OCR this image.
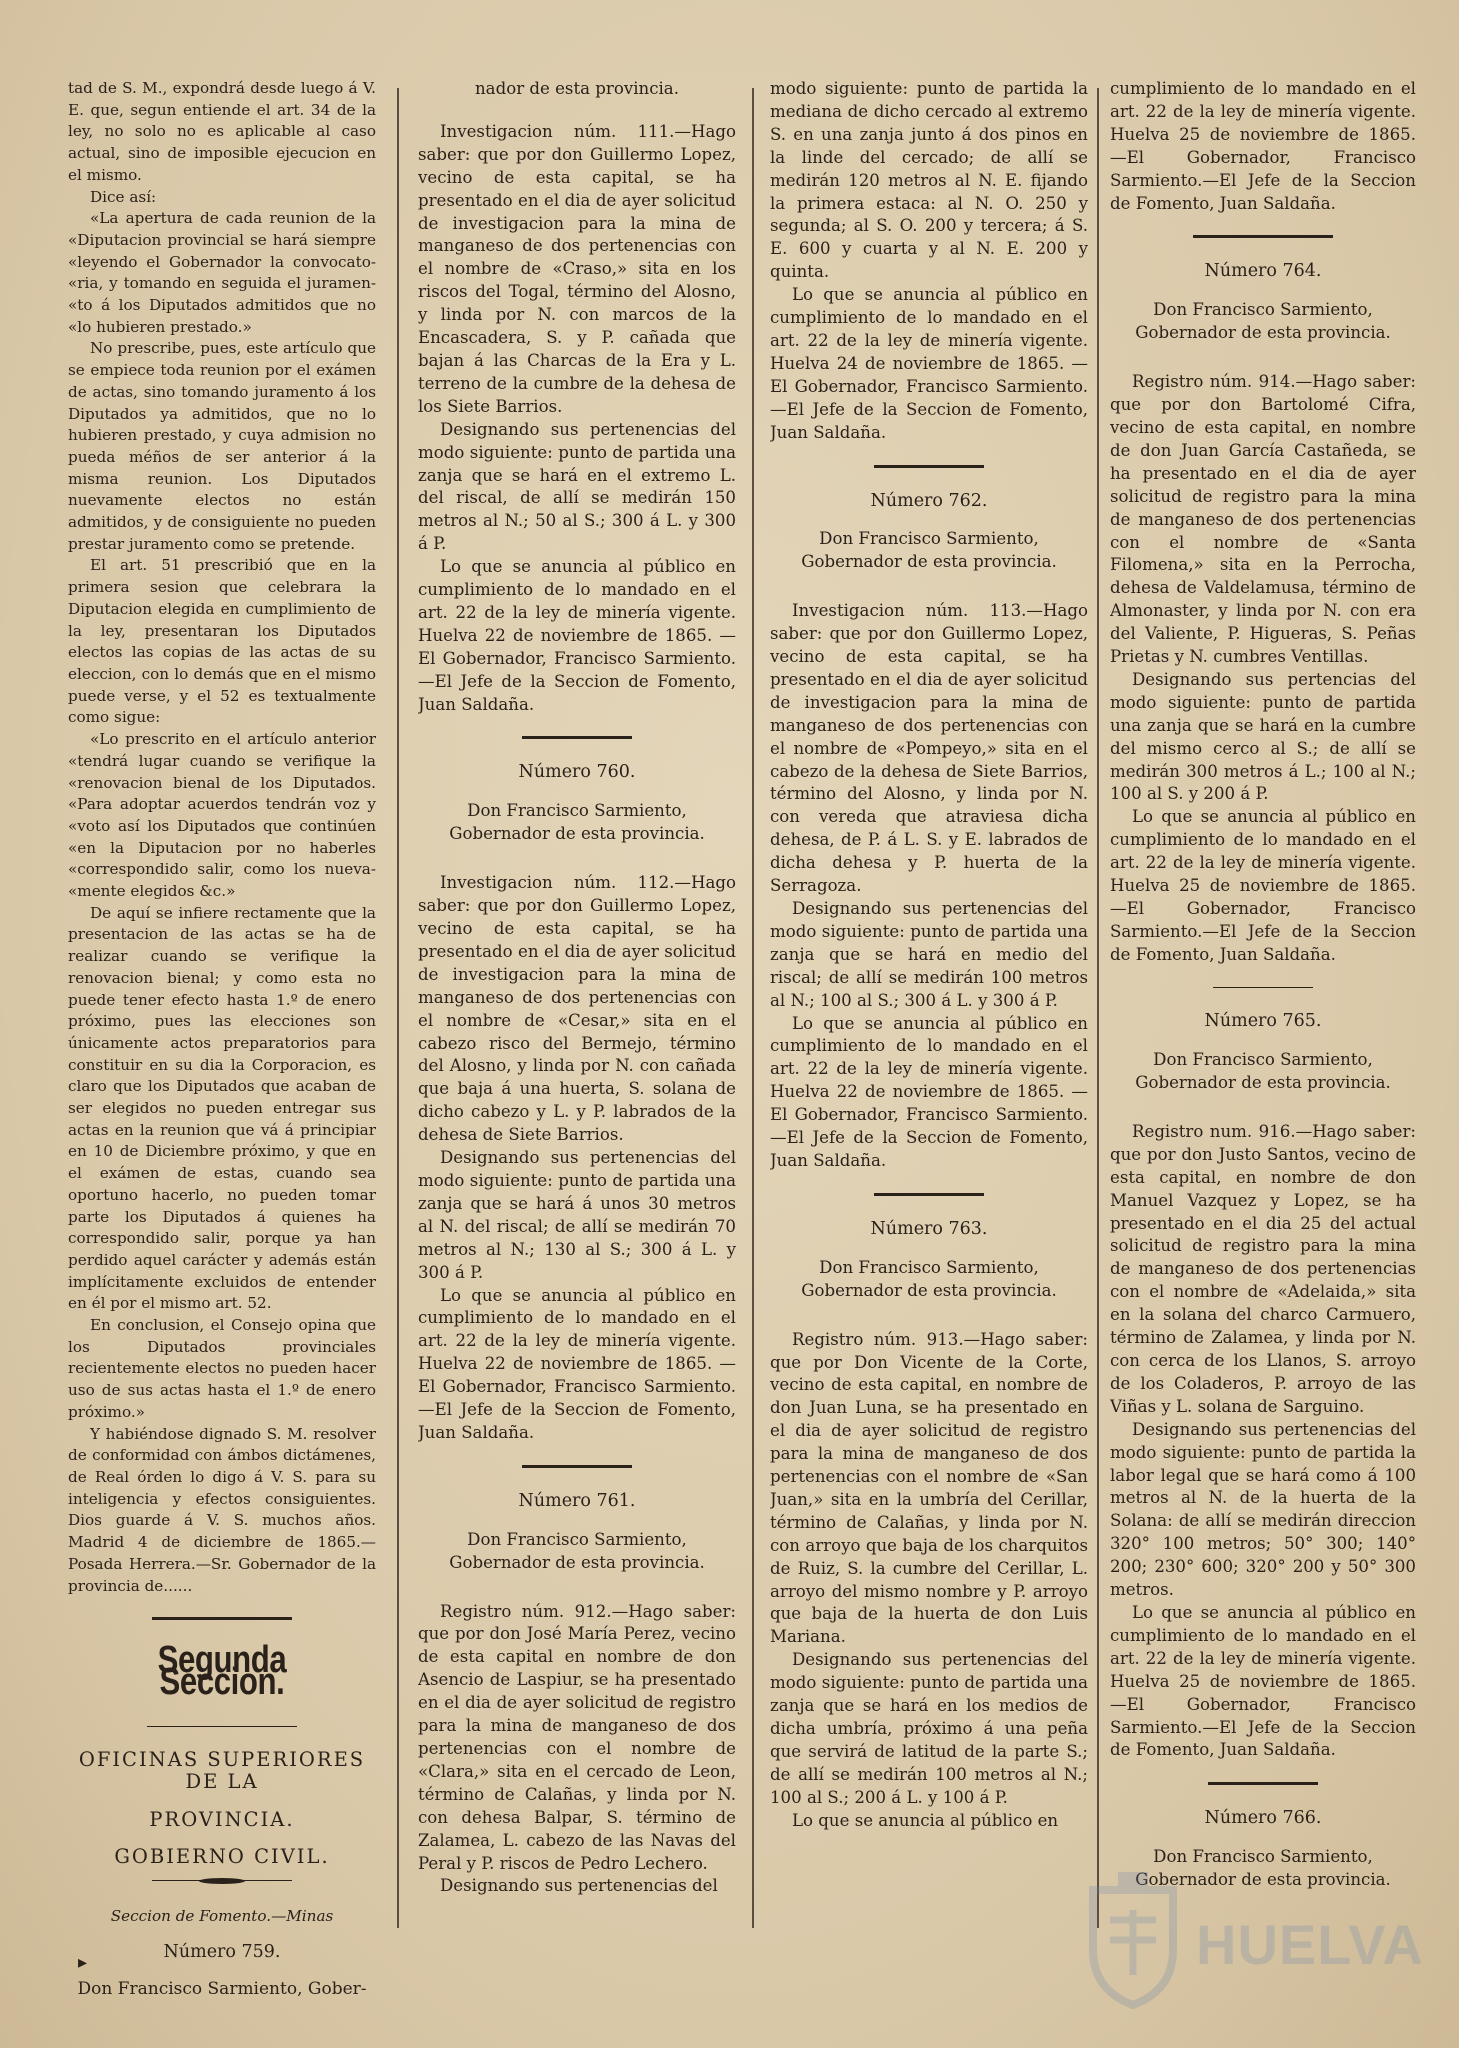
tad de S. M., expondrá desde luego á V. E. que, segun entiende el art. 34 de la ley, no solo no es aplicable al caso actual, sino de imposible ejecucion en el mismo.

Dice así:

«La apertura de cada reunion de la «Diputacion provincial se hará siempre «leyendo el Gobernador la convocato- «ria, y tomando en seguida el juramen- «to á los Diputados admitidos que no «lo hubieren prestado.»

No prescribe, pues, este artículo que se empiece toda reunion por el exámen de actas, sino tomando juramento á los Diputados ya admitidos, que no lo hubieren prestado, y cuya admision no pueda méños de ser anterior á la misma reunion. Los Diputados nuevamente electos no están admitidos, y de consiguiente no pueden prestar juramento como se pretende.

El art. 51 prescribió que en la primera sesion que celebrara la Diputacion elegida en cumplimiento de la ley, presentaran los Diputados electos las copias de las actas de su eleccion, con lo demás que en el mismo puede verse, y el 52 es textualmente como sigue:

«Lo prescrito en el artículo anterior «tendrá lugar cuando se verifique la «renovacion bienal de los Diputados. «Para adoptar acuerdos tendrán voz y «voto así los Diputados que continúen «en la Diputacion por no haberles «correspondido salir, como los nueva- «mente elegidos &c.»

De aquí se infiere rectamente que la presentacion de las actas se ha de realizar cuando se verifique la renovacion bienal; y como esta no puede tener efecto hasta 1.º de enero próximo, pues las elecciones son únicamente actos preparatorios para constituir en su dia la Corporacion, es claro que los Diputados que acaban de ser elegidos no pueden entregar sus actas en la reunion que vá á principiar en 10 de Diciembre próximo, y que en el exámen de estas, cuando sea oportuno hacerlo, no pueden tomar parte los Diputados á quienes ha correspondido salir, porque ya han perdido aquel carácter y además están implícitamente excluidos de entender en él por el mismo art. 52.

En conclusion, el Consejo opina que los Diputados provinciales recientemente electos no pueden hacer uso de sus actas hasta el 1.º de enero próximo.»

Y habiéndose dignado S. M. resolver de conformidad con ámbos dictámenes, de Real órden lo digo á V. S. para su inteligencia y efectos consiguientes. Dios guarde á V. S. muchos años. Madrid 4 de diciembre de 1865.—Posada Herrera.—Sr. Gobernador de la provincia de......

Segunda Seccion.
OFICINAS SUPERIORES DE LA
PROVINCIA.
GOBIERNO CIVIL.
Seccion de Fomento.—Minas
Número 759.
Don Francisco Sarmiento, Gober-
nador de esta provincia.

Investigacion núm. 111.—Hago saber: que por don Guillermo Lopez, vecino de esta capital, se ha presentado en el dia de ayer solicitud de investigacion para la mina de manganeso de dos pertenencias con el nombre de «Craso,» sita en los riscos del Togal, término del Alosno, y linda por N. con marcos de la Encascadera, S. y P. cañada que bajan á las Charcas de la Era y L. terreno de la cumbre de la dehesa de los Siete Barrios.

Designando sus pertenencias del modo siguiente: punto de partida una zanja que se hará en el extremo L. del riscal, de allí se medirán 150 metros al N.; 50 al S.; 300 á L. y 300 á P.

Lo que se anuncia al público en cumplimiento de lo mandado en el art. 22 de la ley de minería vigente. Huelva 22 de noviembre de 1865. —El Gobernador, Francisco Sarmiento.—El Jefe de la Seccion de Fomento, Juan Saldaña.

Número 760.
Don Francisco Sarmiento, Gobernador de esta provincia.

Investigacion núm. 112.—Hago saber: que por don Guillermo Lopez, vecino de esta capital, se ha presentado en el dia de ayer solicitud de investigacion para la mina de manganeso de dos pertenencias con el nombre de «Cesar,» sita en el cabezo risco del Bermejo, término del Alosno, y linda por N. con cañada que baja á una huerta, S. solana de dicho cabezo y L. y P. labrados de la dehesa de Siete Barrios.

Designando sus pertenencias del modo siguiente: punto de partida una zanja que se hará á unos 30 metros al N. del riscal; de allí se medirán 70 metros al N.; 130 al S.; 300 á L. y 300 á P.

Lo que se anuncia al público en cumplimiento de lo mandado en el art. 22 de la ley de minería vigente. Huelva 22 de noviembre de 1865. —El Gobernador, Francisco Sarmiento.—El Jefe de la Seccion de Fomento, Juan Saldaña.

Número 761.
Don Francisco Sarmiento, Gobernador de esta provincia.

Registro núm. 912.—Hago saber: que por don José María Perez, vecino de esta capital en nombre de don Asencio de Laspiur, se ha presentado en el dia de ayer solicitud de registro para la mina de manganeso de dos pertenencias con el nombre de «Clara,» sita en el cercado de Leon, término de Calañas, y linda por N. con dehesa Balpar, S. término de Zalamea, L. cabezo de las Navas del Peral y P. riscos de Pedro Lechero.

Designando sus pertenencias del

modo siguiente: punto de partida la mediana de dicho cercado al extremo S. en una zanja junto á dos pinos en la linde del cercado; de allí se medirán 120 metros al N. E. fijando la primera estaca: al N. O. 250 y segunda; al S. O. 200 y tercera; á S. E. 600 y cuarta y al N. E. 200 y quinta.

Lo que se anuncia al público en cumplimiento de lo mandado en el art. 22 de la ley de minería vigente. Huelva 24 de noviembre de 1865. —El Gobernador, Francisco Sarmiento.—El Jefe de la Seccion de Fomento, Juan Saldaña.

Número 762.
Don Francisco Sarmiento, Gobernador de esta provincia.

Investigacion núm. 113.—Hago saber: que por don Guillermo Lopez, vecino de esta capital, se ha presentado en el dia de ayer solicitud de investigacion para la mina de manganeso de dos pertenencias con el nombre de «Pompeyo,» sita en el cabezo de la dehesa de Siete Barrios, término del Alosno, y linda por N. con vereda que atraviesa dicha dehesa, de P. á L. S. y E. labrados de dicha dehesa y P. huerta de la Serragoza.

Designando sus pertenencias del modo siguiente: punto de partida una zanja que se hará en medio del riscal; de allí se medirán 100 metros al N.; 100 al S.; 300 á L. y 300 á P.

Lo que se anuncia al público en cumplimiento de lo mandado en el art. 22 de la ley de minería vigente. Huelva 22 de noviembre de 1865. —El Gobernador, Francisco Sarmiento.—El Jefe de la Seccion de Fomento, Juan Saldaña.

Número 763.
Don Francisco Sarmiento, Gobernador de esta provincia.

Registro núm. 913.—Hago saber: que por Don Vicente de la Corte, vecino de esta capital, en nombre de don Juan Luna, se ha presentado en el dia de ayer solicitud de registro para la mina de manganeso de dos pertenencias con el nombre de «San Juan,» sita en la umbría del Cerillar, término de Calañas, y linda por N. con arroyo que baja de los charquitos de Ruiz, S. la cumbre del Cerillar, L. arroyo del mismo nombre y P. arroyo que baja de la huerta de don Luis Mariana.

Designando sus pertenencias del modo siguiente: punto de partida una zanja que se hará en los medios de dicha umbría, próximo á una peña que servirá de latitud de la parte S.; de allí se medirán 100 metros al N.; 100 al S.; 200 á L. y 100 á P.

Lo que se anuncia al público en

cumplimiento de lo mandado en el art. 22 de la ley de minería vigente. Huelva 25 de noviembre de 1865. —El Gobernador, Francisco Sarmiento.—El Jefe de la Seccion de Fomento, Juan Saldaña.

Número 764.
Don Francisco Sarmiento, Gobernador de esta provincia.

Registro núm. 914.—Hago saber: que por don Bartolomé Cifra, vecino de esta capital, en nombre de don Juan García Castañeda, se ha presentado en el dia de ayer solicitud de registro para la mina de manganeso de dos pertenencias con el nombre de «Santa Filomena,» sita en la Perrocha, dehesa de Valdelamusa, término de Almonaster, y linda por N. con era del Valiente, P. Higueras, S. Peñas Prietas y N. cumbres Ventillas.

Designando sus pertencias del modo siguiente: punto de partida una zanja que se hará en la cumbre del mismo cerco al S.; de allí se medirán 300 metros á L.; 100 al N.; 100 al S. y 200 á P.

Lo que se anuncia al público en cumplimiento de lo mandado en el art. 22 de la ley de minería vigente. Huelva 25 de noviembre de 1865. —El Gobernador, Francisco Sarmiento.—El Jefe de la Seccion de Fomento, Juan Saldaña.

Número 765.
Don Francisco Sarmiento, Gobernador de esta provincia.

Registro num. 916.—Hago saber: que por don Justo Santos, vecino de esta capital, en nombre de don Manuel Vazquez y Lopez, se ha presentado en el dia 25 del actual solicitud de registro para la mina de manganeso de dos pertenencias con el nombre de «Adelaida,» sita en la solana del charco Carmuero, término de Zalamea, y linda por N. con cerca de los Llanos, S. arroyo de los Coladeros, P. arroyo de las Viñas y L. solana de Sarguino.

Designando sus pertenencias del modo siguiente: punto de partida la labor legal que se hará como á 100 metros al N. de la huerta de la Solana: de allí se medirán direccion 320° 100 metros; 50° 300; 140° 200; 230° 600; 320° 200 y 50° 300 metros.

Lo que se anuncia al público en cumplimiento de lo mandado en el art. 22 de la ley de minería vigente. Huelva 25 de noviembre de 1865. —El Gobernador, Francisco Sarmiento.—El Jefe de la Seccion de Fomento, Juan Saldaña.

Número 766.
Don Francisco Sarmiento, Gobernador de esta provincia.
HUELVA
▸
